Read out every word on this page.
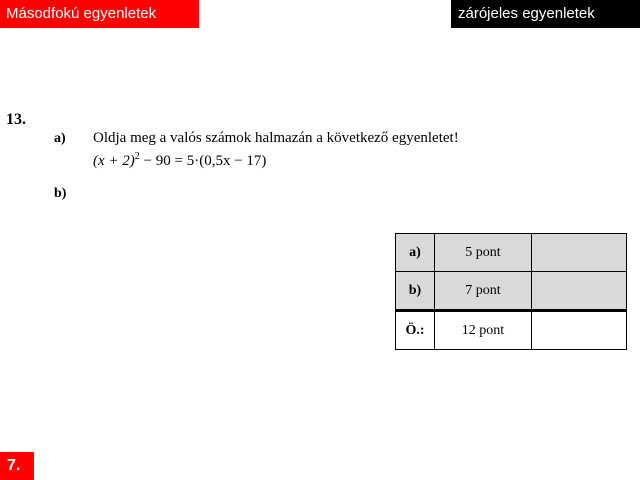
Másodfokú egyenletek	zárójeles egyenletek
13.
a) Oldja meg a valós számok halmazán a következő egyenletet!
$(x + 2)^2 - 90 = 5\cdot(0,5x - 17)$
b)
a)	5 pont	
b)	7 pont	
Ö.:	12 pont	
7.
